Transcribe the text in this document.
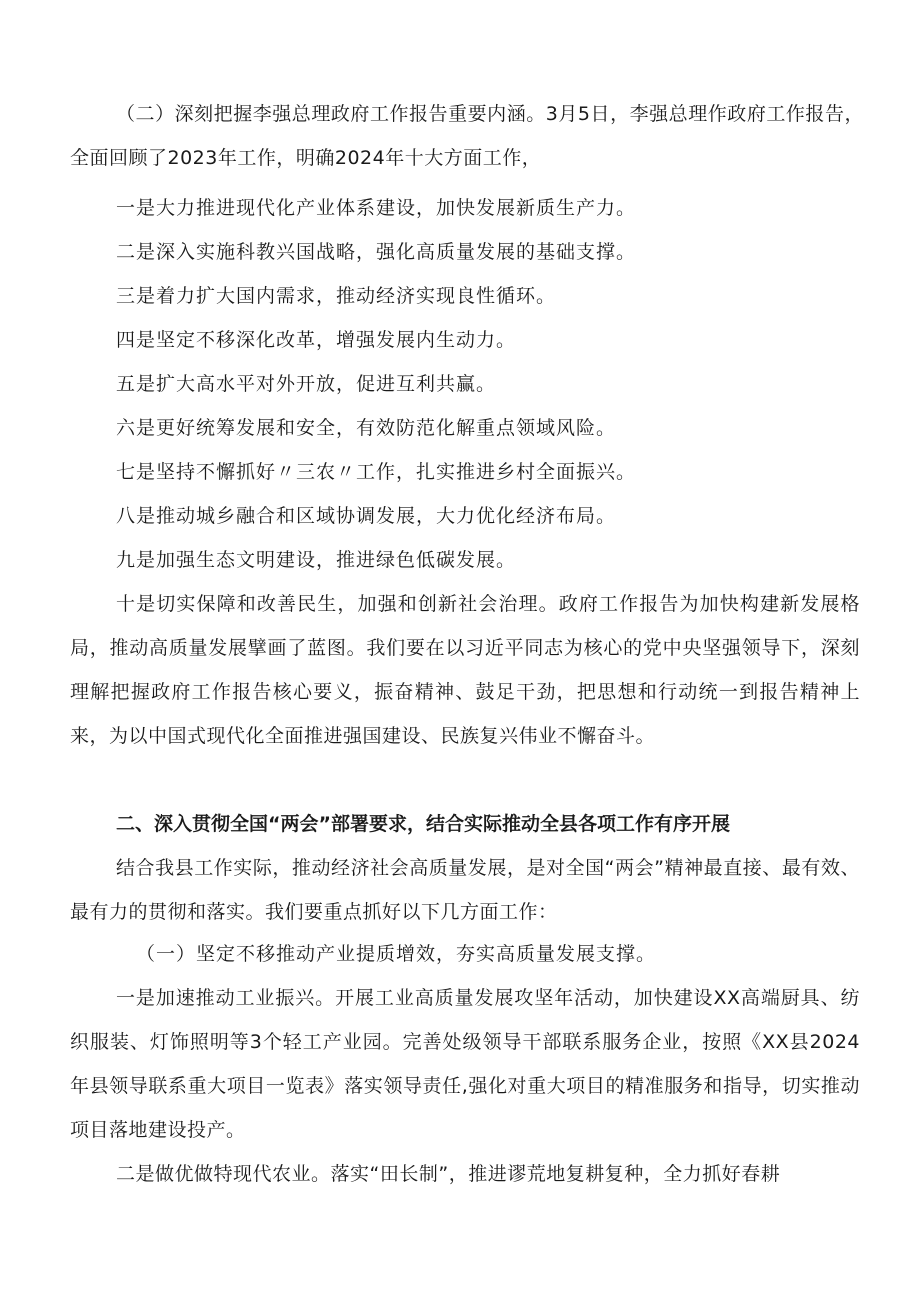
（二）深刻把握李强总理政府工作报告重要内涵。3月5日，李强总理作政府工作报告，全面回顾了2023年工作，明确2024年十大方面工作，

一是大力推进现代化产业体系建设，加快发展新质生产力。

二是深入实施科教兴国战略，强化高质量发展的基础支撑。

三是着力扩大国内需求，推动经济实现良性循环。

四是坚定不移深化改革，增强发展内生动力。

五是扩大高水平对外开放，促进互利共赢。

六是更好统筹发展和安全，有效防范化解重点领域风险。

七是坚持不懈抓好〃三农〃工作，扎实推进乡村全面振兴。

八是推动城乡融合和区域协调发展，大力优化经济布局。

九是加强生态文明建设，推进绿色低碳发展。

十是切实保障和改善民生，加强和创新社会治理。政府工作报告为加快构建新发展格局，推动高质量发展擘画了蓝图。我们要在以习近平同志为核心的党中央坚强领导下，深刻理解把握政府工作报告核心要义，振奋精神、鼓足干劲，把思想和行动统一到报告精神上来，为以中国式现代化全面推进强国建设、民族复兴伟业不懈奋斗。

二、深入贯彻全国“两会”部署要求，结合实际推动全县各项工作有序开展

结合我县工作实际，推动经济社会高质量发展，是对全国“两会”精神最直接、最有效、最有力的贯彻和落实。我们要重点抓好以下几方面工作：

（一）坚定不移推动产业提质增效，夯实高质量发展支撑。

一是加速推动工业振兴。开展工业高质量发展攻坚年活动，加快建设XX高端厨具、纺织服装、灯饰照明等3个轻工产业园。完善处级领导干部联系服务企业，按照《XX县2024年县领导联系重大项目一览表》落实领导责任,强化对重大项目的精准服务和指导，切实推动项目落地建设投产。

二是做优做特现代农业。落实“田长制”，推进谬荒地复耕复种，全力抓好春耕
